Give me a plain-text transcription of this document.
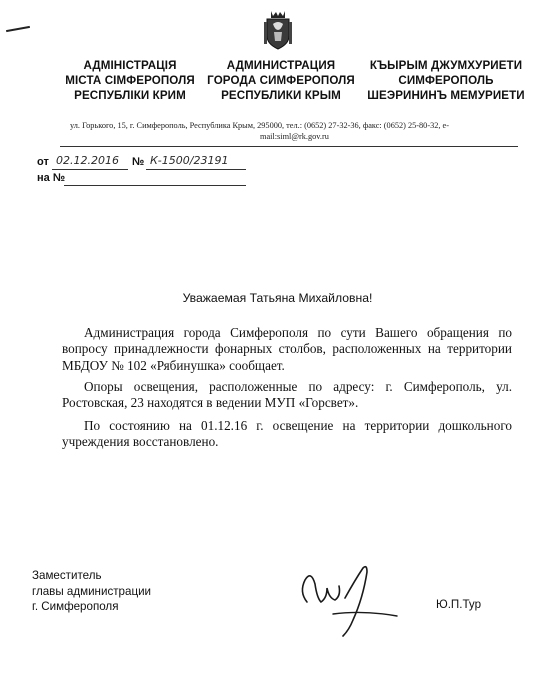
АДМІНІСТРАЦІЯ
МІСТА СІМФЕРОПОЛЯ
РЕСПУБЛІКИ КРИМ
АДМИНИСТРАЦИЯ
ГОРОДА СИМФЕРОПОЛЯ
РЕСПУБЛИКИ КРЫМ
КЪЫРЫМ ДЖУМХУРИЕТИ
СИМФЕРОПОЛЬ
ШЕЭРИНИНЪ МЕМУРИЕТИ
ул. Горького, 15, г. Симферополь, Республика Крым, 295000, тел.: (0652) 27-32-36, факс: (0652) 25-80-32, е-
mail:siml@rk.gov.ru
от 02.12.2016 № К-1500/23191
на №
Уважаемая Татьяна Михайловна!
Администрация города Симферополя по сути Вашего обращения по вопросу принадлежности фонарных столбов, расположенных на территории МБДОУ № 102 «Рябинушка» сообщает.
Опоры освещения, расположенные по адресу: г. Симферополь, ул. Ростовская, 23 находятся в ведении МУП «Горсвет».
По состоянию на 01.12.16 г. освещение на территории дошкольного учреждения восстановлено.
Заместитель
главы администрации
г. Симферополя	Ю.П.Тур
